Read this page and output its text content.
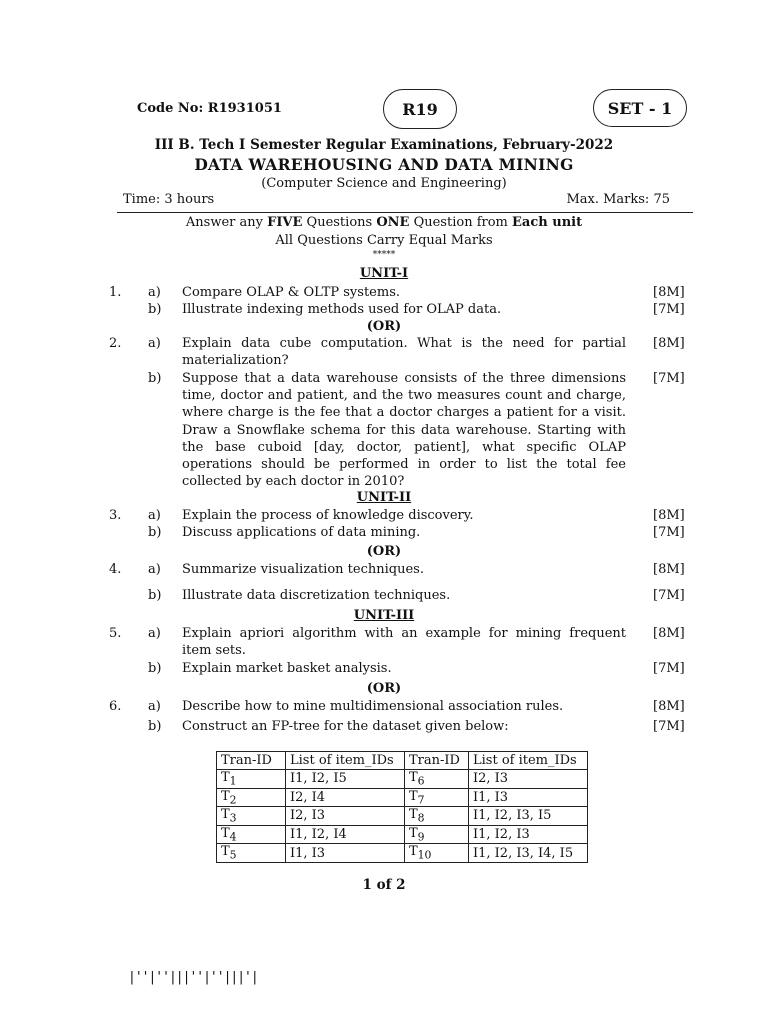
Code No: R1931051	R19	SET - 1
III B. Tech I Semester Regular Examinations, February-2022
DATA WAREHOUSING AND DATA MINING
(Computer Science and Engineering)
Time: 3 hours	Max. Marks: 75
Answer any FIVE Questions ONE Question from Each unit
All Questions Carry Equal Marks
*****
UNIT-I
1. a) Compare OLAP & OLTP systems.	[8M]
b) Illustrate indexing methods used for OLAP data.	[7M]
(OR)
2. a) Explain data cube computation. What is the need for partial materialization?
[8M]
b) Suppose that a data warehouse consists of the three dimensions time, doctor and patient, and the two measures count and charge, where charge is the fee that a doctor charges a patient for a visit. Draw a Snowflake schema for this data warehouse. Starting with the base cuboid [day, doctor, patient], what specific OLAP operations should be performed in order to list the total fee collected by each doctor in 2010?
[7M]
UNIT-II
3. a) Explain the process of knowledge discovery.	[8M]
b) Discuss applications of data mining.	[7M]
(OR)
4. a) Summarize visualization techniques.	[8M]
b) Illustrate data discretization techniques.	[7M]
UNIT-III
5. a) Explain apriori algorithm with an example for mining frequent item sets.
[8M]
b) Explain market basket analysis.	[7M]
(OR)
6. a) Describe how to mine multidimensional association rules.	[8M]
b) Construct an FP-tree for the dataset given below:	[7M]
Tran-ID	List of item_IDs	Tran-ID	List of item_IDs
$T_1$	I1, I2, I5	$T_6$	I2, I3
$T_2$	I2, I4	$T_7$	I1, I3
$T_3$	I2, I3	$T_8$	I1, I2, I3, I5
$T_4$	I1, I2, I4	$T_9$	I1, I2, I3
$T_5$	I1, I3	$T_{10}$	I1, I2, I3, I4, I5
1 of 2
|''|''|||''|''|||'|
